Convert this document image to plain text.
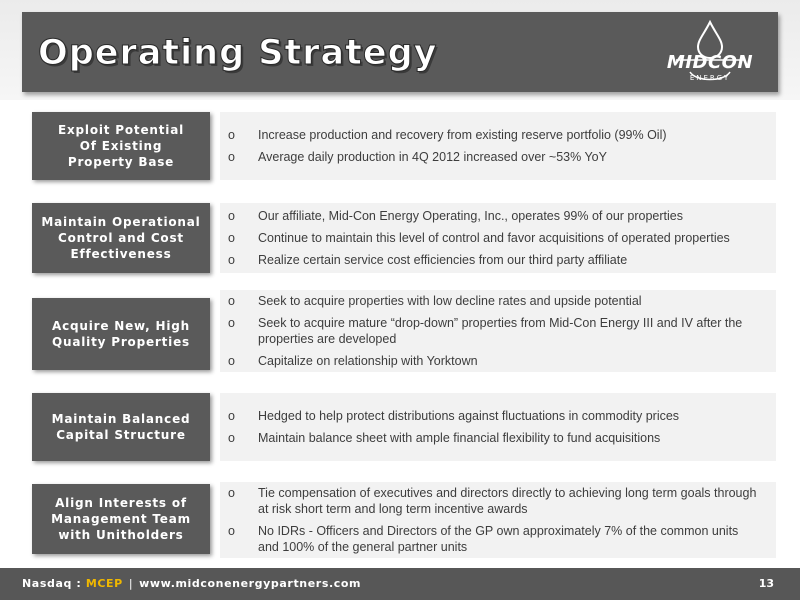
Operating Strategy	MIDCON
ENERGY
Exploit Potential
Of Existing
Property Base
o	Increase production and recovery from existing reserve portfolio (99% Oil)
o	Average daily production in 4Q 2012 increased over ~53% YoY
Maintain Operational
Control and Cost
Effectiveness
o	Our affiliate, Mid-Con Energy Operating, Inc., operates 99% of our properties
o	Continue to maintain this level of control and favor acquisitions of operated properties
o	Realize certain service cost efficiencies from our third party affiliate
Acquire New, High
Quality Properties
o	Seek to acquire properties with low decline rates and upside potential
o	Seek to acquire mature “drop-down” properties from Mid-Con Energy III and IV after the properties are developed
o	Capitalize on relationship with Yorktown
Maintain Balanced
Capital Structure
o	Hedged to help protect distributions against fluctuations in commodity prices
o	Maintain balance sheet with ample financial flexibility to fund acquisitions
Align Interests of
Management Team
with Unitholders
o	Tie compensation of executives and directors directly to achieving long term goals through at risk short term and long term incentive awards
o	No IDRs - Officers and Directors of the GP own approximately 7% of the common units and 100% of the general partner units
Nasdaq : MCEP | www.midconenergypartners.com	13
